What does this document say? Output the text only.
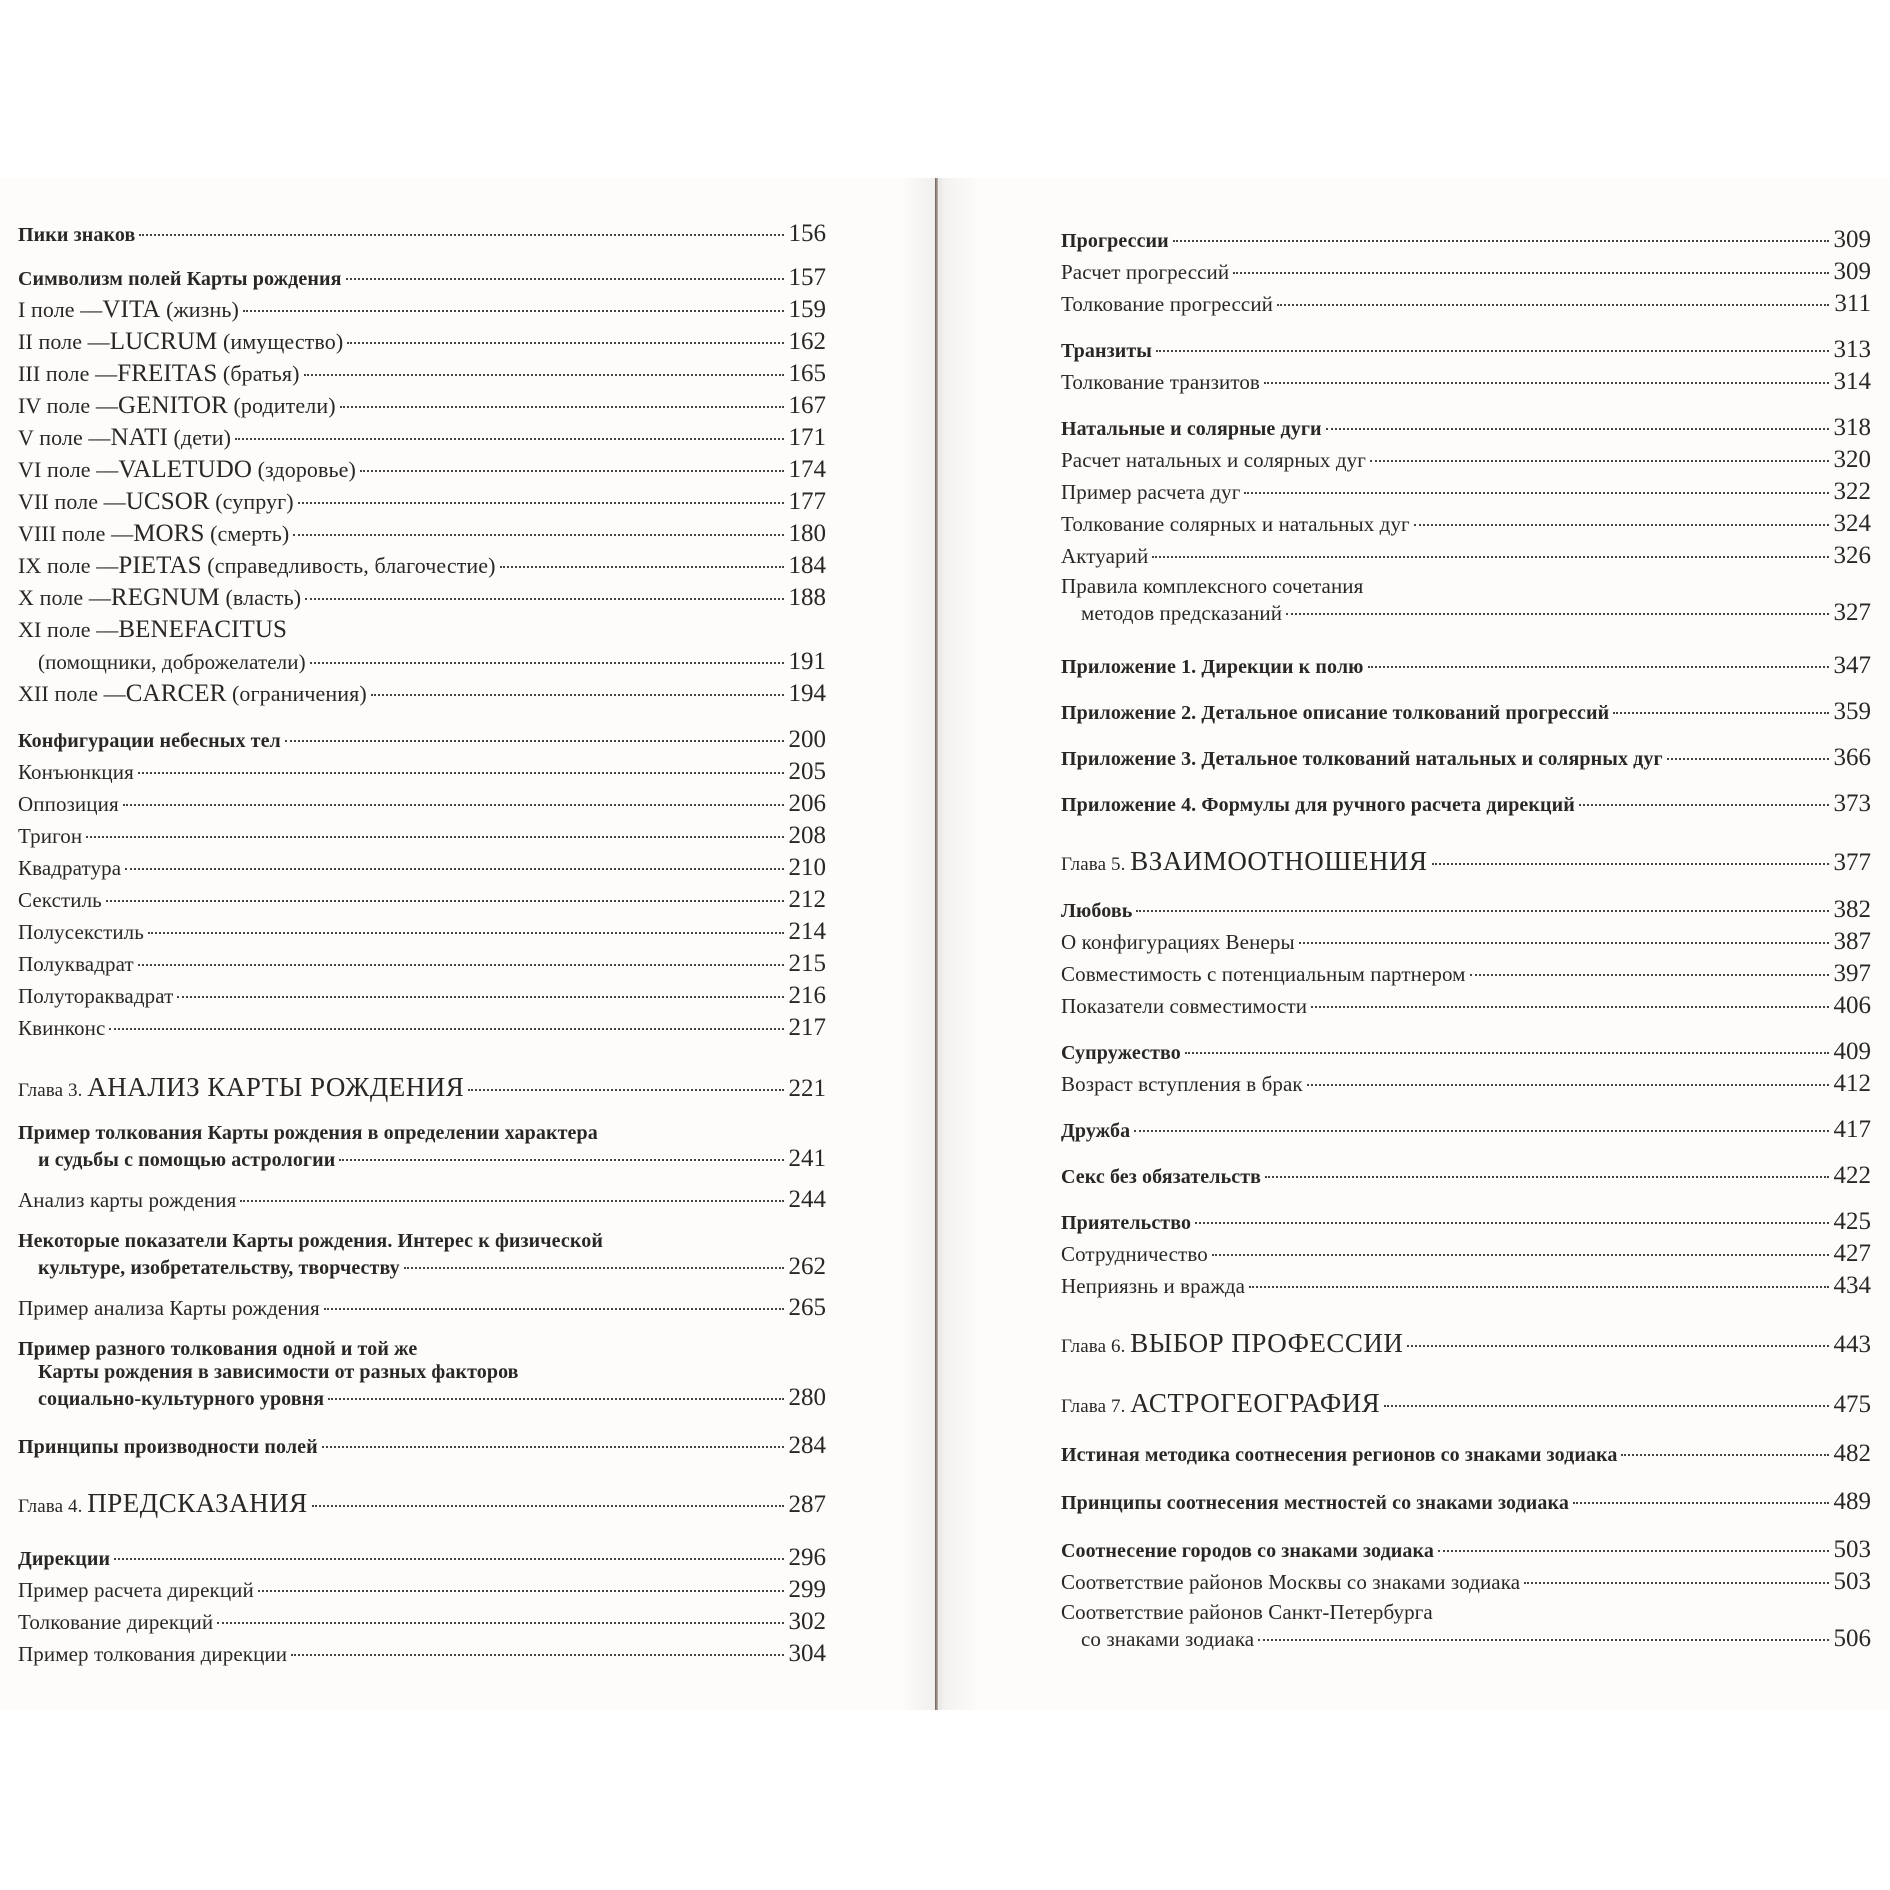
Пики знаков	156
Символизм полей Карты рождения	157
I поле — VITA (жизнь)	159
II поле — LUCRUM (имущество)	162
III поле — FREITAS (братья)	165
IV поле — GENITOR (родители)	167
V поле — NATI (дети)	171
VI поле — VALETUDO (здоровье)	174
VII поле — UCSOR (супруг)	177
VIII поле — MORS (смерть)	180
IX поле — PIETAS (справедливость, благочестие)	184
X поле — REGNUM (власть)	188
XI поле — BENEFACITUS
(помощники, доброжелатели)	191
XII поле — CARCER (ограничения)	194
Конфигурации небесных тел	200
Конъюнкция	205
Оппозиция	206
Тригон	208
Квадратура	210
Секстиль	212
Полусекстиль	214
Полуквадрат	215
Полутораквадрат	216
Квинконс	217
Глава 3. АНАЛИЗ КАРТЫ РОЖДЕНИЯ	221
Пример толкования Карты рождения в определении характера
и судьбы с помощью астрологии	241
Анализ карты рождения	244
Некоторые показатели Карты рождения. Интерес к физической
культуре, изобретательству, творчеству	262
Пример анализа Карты рождения	265
Пример разного толкования одной и той же
Карты рождения в зависимости от разных факторов
социально-культурного уровня	280
Принципы производности полей	284
Глава 4. ПРЕДСКАЗАНИЯ	287
Дирекции	296
Пример расчета дирекций	299
Толкование дирекций	302
Пример толкования дирекции	304
Прогрессии	309
Расчет прогрессий	309
Толкование прогрессий	311
Транзиты	313
Толкование транзитов	314
Натальные и солярные дуги	318
Расчет натальных и солярных дуг	320
Пример расчета дуг	322
Толкование солярных и натальных дуг	324
Актуарий	326
Правила комплексного сочетания
методов предсказаний	327
Приложение 1. Дирекции к полю	347
Приложение 2. Детальное описание толкований прогрессий	359
Приложение 3. Детальное толкований натальных и солярных дуг	366
Приложение 4. Формулы для ручного расчета дирекций	373
Глава 5. ВЗАИМООТНОШЕНИЯ	377
Любовь	382
О конфигурациях Венеры	387
Совместимость с потенциальным партнером	397
Показатели совместимости	406
Супружество	409
Возраст вступления в брак	412
Дружба	417
Секс без обязательств	422
Приятельство	425
Сотрудничество	427
Неприязнь и вражда	434
Глава 6. ВЫБОР ПРОФЕССИИ	443
Глава 7. АСТРОГЕОГРАФИЯ	475
Истиная методика соотнесения регионов со знаками зодиака	482
Принципы соотнесения местностей со знаками зодиака	489
Соотнесение городов со знаками зодиака	503
Соответствие районов Москвы со знаками зодиака	503
Соответствие районов Санкт-Петербурга
со знаками зодиака	506
